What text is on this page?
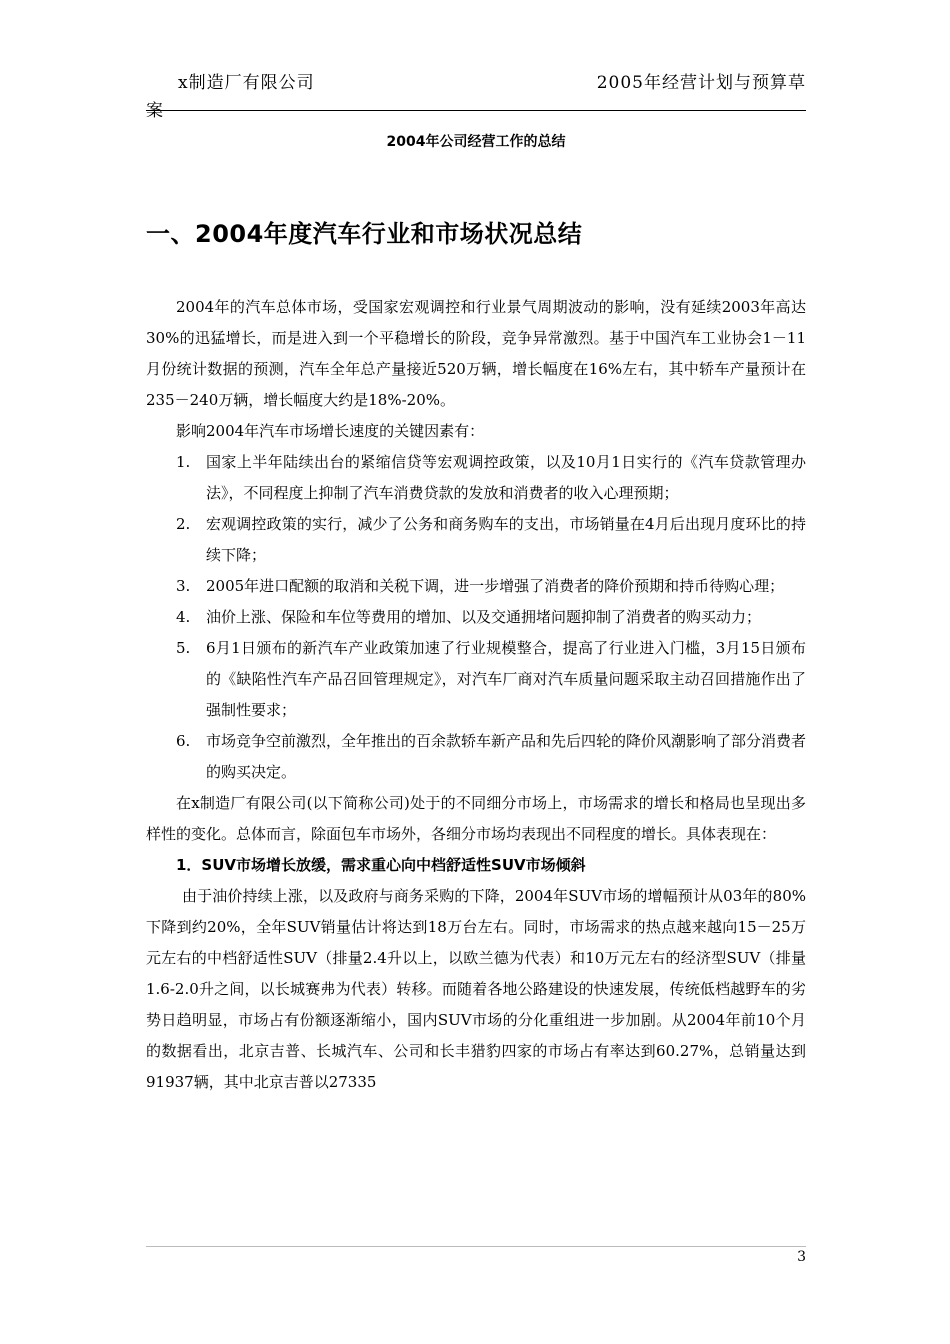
x制造厂有限公司	2005年经营计划与预算草
案
2004年公司经营工作的总结
一、2004年度汽车行业和市场状况总结

2004年的汽车总体市场，受国家宏观调控和行业景气周期波动的影响，没有延续2003年高达30%的迅猛增长，而是进入到一个平稳增长的阶段，竞争异常激烈。基于中国汽车工业协会1－11月份统计数据的预测，汽车全年总产量接近520万辆，增长幅度在16%左右，其中轿车产量预计在235－240万辆，增长幅度大约是18%-20%。

影响2004年汽车市场增长速度的关键因素有：

1. 国家上半年陆续出台的紧缩信贷等宏观调控政策，以及10月1日实行的《汽车贷款管理办法》，不同程度上抑制了汽车消费贷款的发放和消费者的收入心理预期；
2. 宏观调控政策的实行，减少了公务和商务购车的支出，市场销量在4月后出现月度环比的持续下降；
3. 2005年进口配额的取消和关税下调，进一步增强了消费者的降价预期和持币待购心理；
4. 油价上涨、保险和车位等费用的增加、以及交通拥堵问题抑制了消费者的购买动力；
5. 6月1日颁布的新汽车产业政策加速了行业规模整合，提高了行业进入门槛，3月15日颁布的《缺陷性汽车产品召回管理规定》，对汽车厂商对汽车质量问题采取主动召回措施作出了强制性要求；
6. 市场竞争空前激烈，全年推出的百余款轿车新产品和先后四轮的降价风潮影响了部分消费者的购买决定。

在x制造厂有限公司(以下简称公司)处于的不同细分市场上，市场需求的增长和格局也呈现出多样性的变化。总体而言，除面包车市场外，各细分市场均表现出不同程度的增长。具体表现在：

1．SUV市场增长放缓，需求重心向中档舒适性SUV市场倾斜

由于油价持续上涨，以及政府与商务采购的下降，2004年SUV市场的增幅预计从03年的80%下降到约20%，全年SUV销量估计将达到18万台左右。同时，市场需求的热点越来越向15－25万元左右的中档舒适性SUV（排量2.4升以上，以欧兰德为代表）和10万元左右的经济型SUV（排量1.6-2.0升之间，以长城赛弗为代表）转移。而随着各地公路建设的快速发展，传统低档越野车的劣势日趋明显，市场占有份额逐渐缩小，国内SUV市场的分化重组进一步加剧。从2004年前10个月的数据看出，北京吉普、长城汽车、公司和长丰猎豹四家的市场占有率达到60.27%，总销量达到91937辆，其中北京吉普以27335

3
